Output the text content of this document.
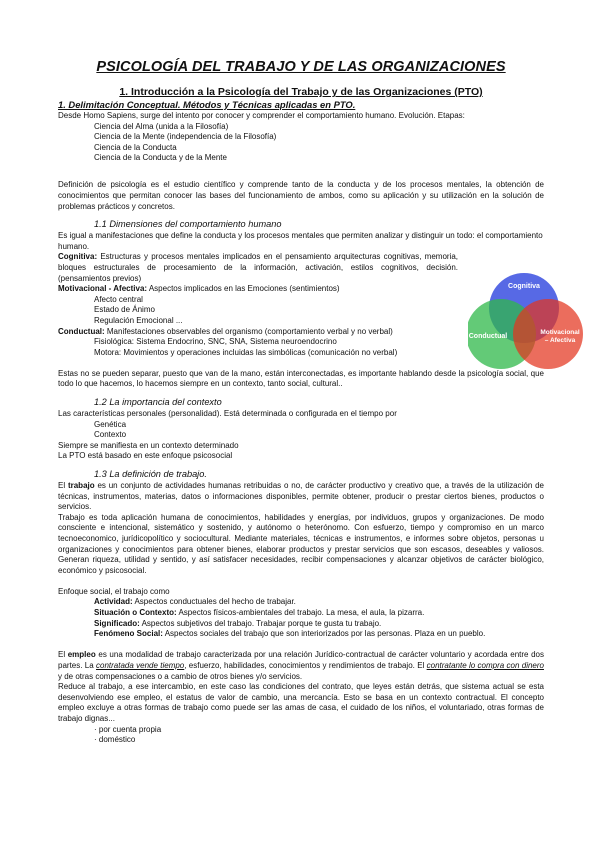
PSICOLOGÍA DEL TRABAJO Y DE LAS ORGANIZACIONES
1. Introducción a la Psicología del Trabajo y de las Organizaciones (PTO)
1. Delimitación Conceptual. Métodos y Técnicas aplicadas en PTO.

Desde Homo Sapiens, surge del intento por conocer y comprender el comportamiento humano. Evolución. Etapas:

Ciencia del Alma (unida a la Filosofía)

Ciencia de la Mente (independencia de la Filosofía)

Ciencia de la Conducta

Ciencia de la Conducta y de la Mente

Definición de psicología es el estudio científico y comprende tanto de la conducta y de los procesos mentales, la obtención de conocimientos que permitan conocer las bases del funcionamiento de ambos, como su aplicación y su utilización en la solución de problemas prácticos y concretos.

1.1 Dimensiones del comportamiento humano

Es igual a manifestaciones que define la conducta y los procesos mentales que permiten analizar y distinguir un todo: el comportamiento humano.

Cognitiva: Estructuras y procesos mentales implicados en el pensamiento arquitecturas cognitivas, memoria, bloques estructurales de procesamiento de la información, activación, estilos cognitivos, decisión. (pensamientos previos)

Motivacional - Afectiva: Aspectos implicados en las Emociones (sentimientos)

Afecto central

Estado de Ánimo

Regulación Emocional ...

Conductual: Manifestaciones observables del organismo (comportamiento verbal y no verbal)

Fisiológica: Sistema Endocrino, SNC, SNA, Sistema neuroendocrino

Motora: Movimientos y operaciones incluidas las simbólicas (comunicación no verbal)

Estas no se pueden separar, puesto que van de la mano, están interconectadas, es importante hablando desde la psicología social, que todo lo que hacemos, lo hacemos siempre en un contexto, tanto social, cultural..

1.2 La importancia del contexto

Las características personales (personalidad). Está determinada o configurada en el tiempo por

Genética

Contexto

Siempre se manifiesta en un contexto determinado

La PTO está basado en este enfoque psicosocial

1.3 La definición de trabajo.

El trabajo es un conjunto de actividades humanas retribuidas o no, de carácter productivo y creativo que, a través de la utilización de técnicas, instrumentos, materias, datos o informaciones disponibles, permite obtener, producir o prestar ciertos bienes, productos o servicios.

Trabajo es toda aplicación humana de conocimientos, habilidades y energías, por individuos, grupos y organizaciones. De modo consciente e intencional, sistemático y sostenido, y autónomo o heterónomo. Con esfuerzo, tiempo y compromiso en un marco tecnoeconomico, jurídicopolítico y sociocultural. Mediante materiales, técnicas e instrumentos, e informes sobre objetos, personas u organizaciones y conocimientos para obtener bienes, elaborar productos y prestar servicios que son escasos, deseables y valiosos. Generan riqueza, utilidad y sentido, y así satisfacer necesidades, recibir compensaciones y alcanzar objetivos de carácter biológico, económico y psicosocial.

Enfoque social, el trabajo como

Actividad: Aspectos conductuales del hecho de trabajar.

Situación o Contexto: Aspectos físicos-ambientales del trabajo. La mesa, el aula, la pizarra.

Significado: Aspectos subjetivos del trabajo. Trabajar porque te gusta tu trabajo.

Fenómeno Social: Aspectos sociales del trabajo que son interiorizados por las personas. Plaza en un pueblo.

El empleo es una modalidad de trabajo caracterizada por una relación Jurídico-contractual de carácter voluntario y acordada entre dos partes. La contratada vende tiempo, esfuerzo, habilidades, conocimientos y rendimientos de trabajo. El contratante lo compra con dinero y de otras compensaciones o a cambio de otros bienes y/o servicios.

Reduce al trabajo, a ese intercambio, en este caso las condiciones del contrato, que leyes están detrás, que sistema actual se esta desenvolviendo ese empleo, el estatus de valor de cambio, una mercancía. Esto se basa en un contexto contractual. El concepto empleo excluye a otras formas de trabajo como puede ser las amas de casa, el cuidado de los niños, el voluntariado, otras formas de trabajo dignas...

· por cuenta propia

· doméstico

Cognitiva
Conductual
Motivacional
– Afectiva
